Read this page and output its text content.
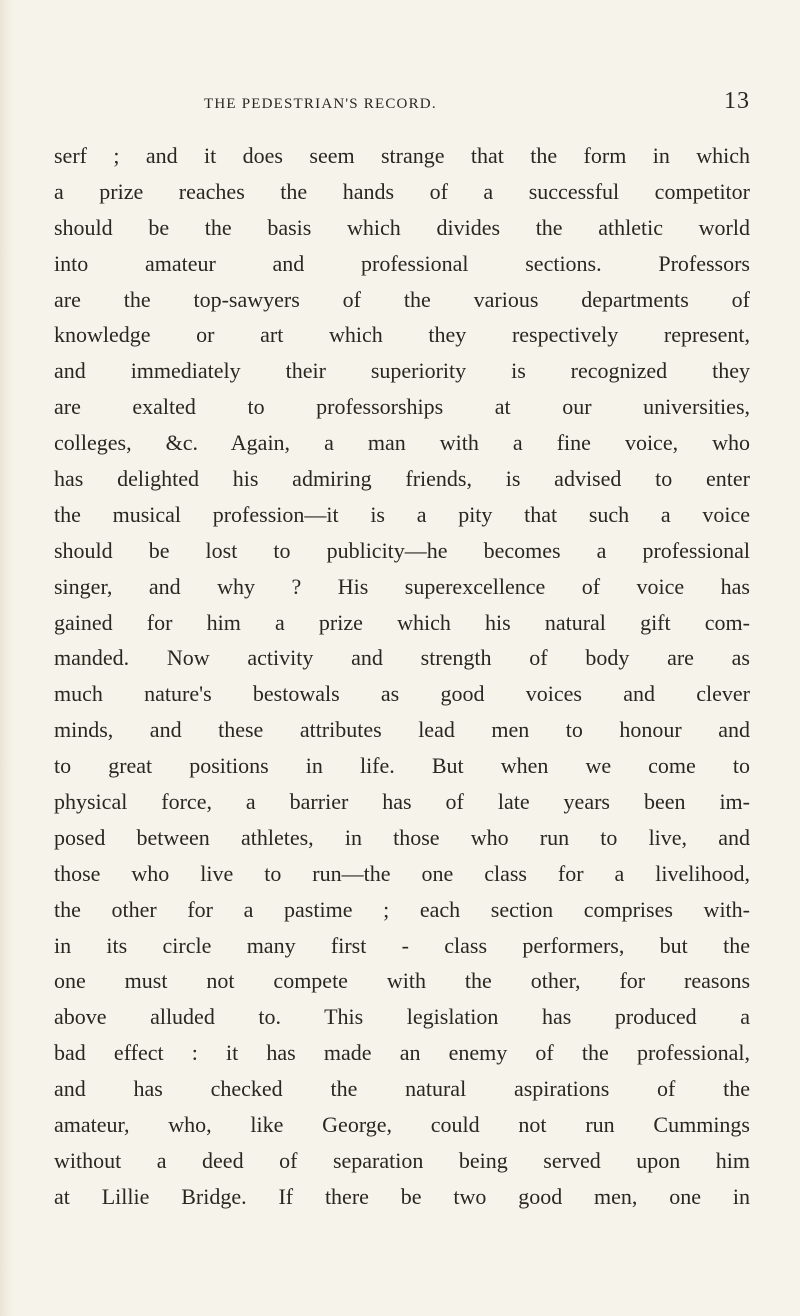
the pedestrian's record.	13
serf ; and it does seem strange that the form in which
a prize reaches the hands of a successful competitor
should be the basis which divides the athletic world
into amateur and professional sections. Professors
are the top-sawyers of the various departments of
knowledge or art which they respectively represent,
and immediately their superiority is recognized they
are exalted to professorships at our universities,
colleges, &c. Again, a man with a fine voice, who
has delighted his admiring friends, is advised to enter
the musical profession—it is a pity that such a voice
should be lost to publicity—he becomes a professional
singer, and why ? His superexcellence of voice has
gained for him a prize which his natural gift com-
manded. Now activity and strength of body are as
much nature's bestowals as good voices and clever
minds, and these attributes lead men to honour and
to great positions in life. But when we come to
physical force, a barrier has of late years been im-
posed between athletes, in those who run to live, and
those who live to run—the one class for a livelihood,
the other for a pastime ; each section comprises with-
in its circle many first - class performers, but the
one must not compete with the other, for reasons
above alluded to. This legislation has produced a
bad effect : it has made an enemy of the professional,
and has checked the natural aspirations of the
amateur, who, like George, could not run Cummings
without a deed of separation being served upon him
at Lillie Bridge. If there be two good men, one in
